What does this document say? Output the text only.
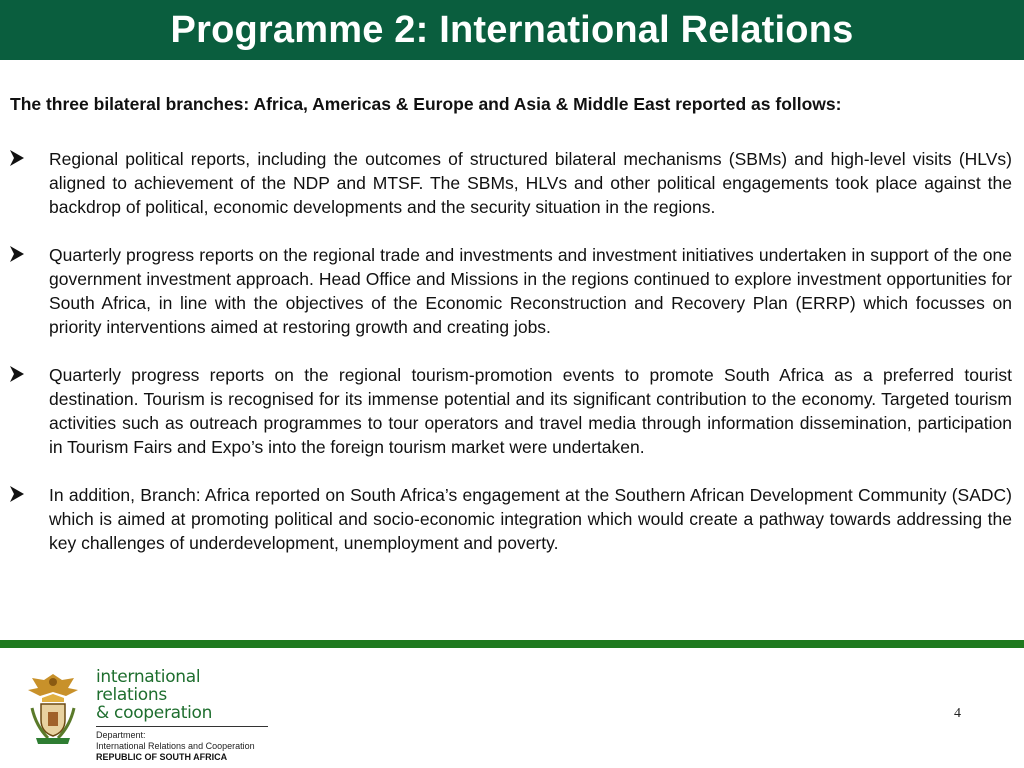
Programme 2: International Relations
The three bilateral branches: Africa, Americas & Europe and Asia & Middle East reported as follows:
Regional political reports, including the outcomes of structured bilateral mechanisms (SBMs) and high-level visits (HLVs) aligned to achievement of the NDP and MTSF. The SBMs, HLVs and other political engagements took place against the backdrop of political, economic developments and the security situation in the regions.
Quarterly progress reports on the regional trade and investments and investment initiatives undertaken in support of the one government investment approach. Head Office and Missions in the regions continued to explore investment opportunities for South Africa, in line with the objectives of the Economic Reconstruction and Recovery Plan (ERRP) which focusses on priority interventions aimed at restoring growth and creating jobs.
Quarterly progress reports on the regional tourism-promotion events to promote South Africa as a preferred tourist destination. Tourism is recognised for its immense potential and its significant contribution to the economy. Targeted tourism activities such as outreach programmes to tour operators and travel media through information dissemination, participation in Tourism Fairs and Expo’s into the foreign tourism market were undertaken.
In addition, Branch: Africa reported on South Africa’s engagement at the Southern African Development Community (SADC) which is aimed at promoting political and socio-economic integration which would create a pathway towards addressing the key challenges of underdevelopment, unemployment and poverty.
international relations
& cooperation
Department:
International Relations and Cooperation
REPUBLIC OF SOUTH AFRICA
4
